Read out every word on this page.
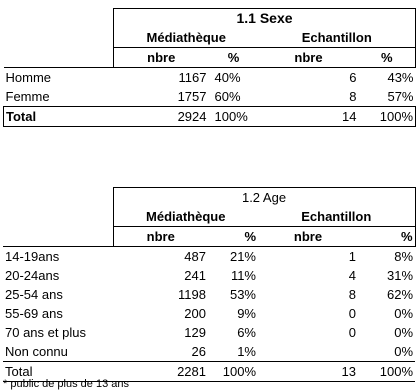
	1.1 Sexe			
	Médiathèque		Echantillon	
	nbre	%	nbre	%
Homme	1167	40%	6	43%
Femme	1757	60%	8	57%
Total	2924	100%	14	100%
	1.2 Age			
	Médiathèque		Echantillon	
	nbre	%	nbre	%
14-19ans	487	21%	1	8%
20-24ans	241	11%	4	31%
25-54 ans	1198	53%	8	62%
55-69 ans	200	9%	0	0%
70 ans et plus	129	6%	0	0%
Non connu	26	1%		0%
Total	2281	100%	13	100%
* public de plus de 13 ans
